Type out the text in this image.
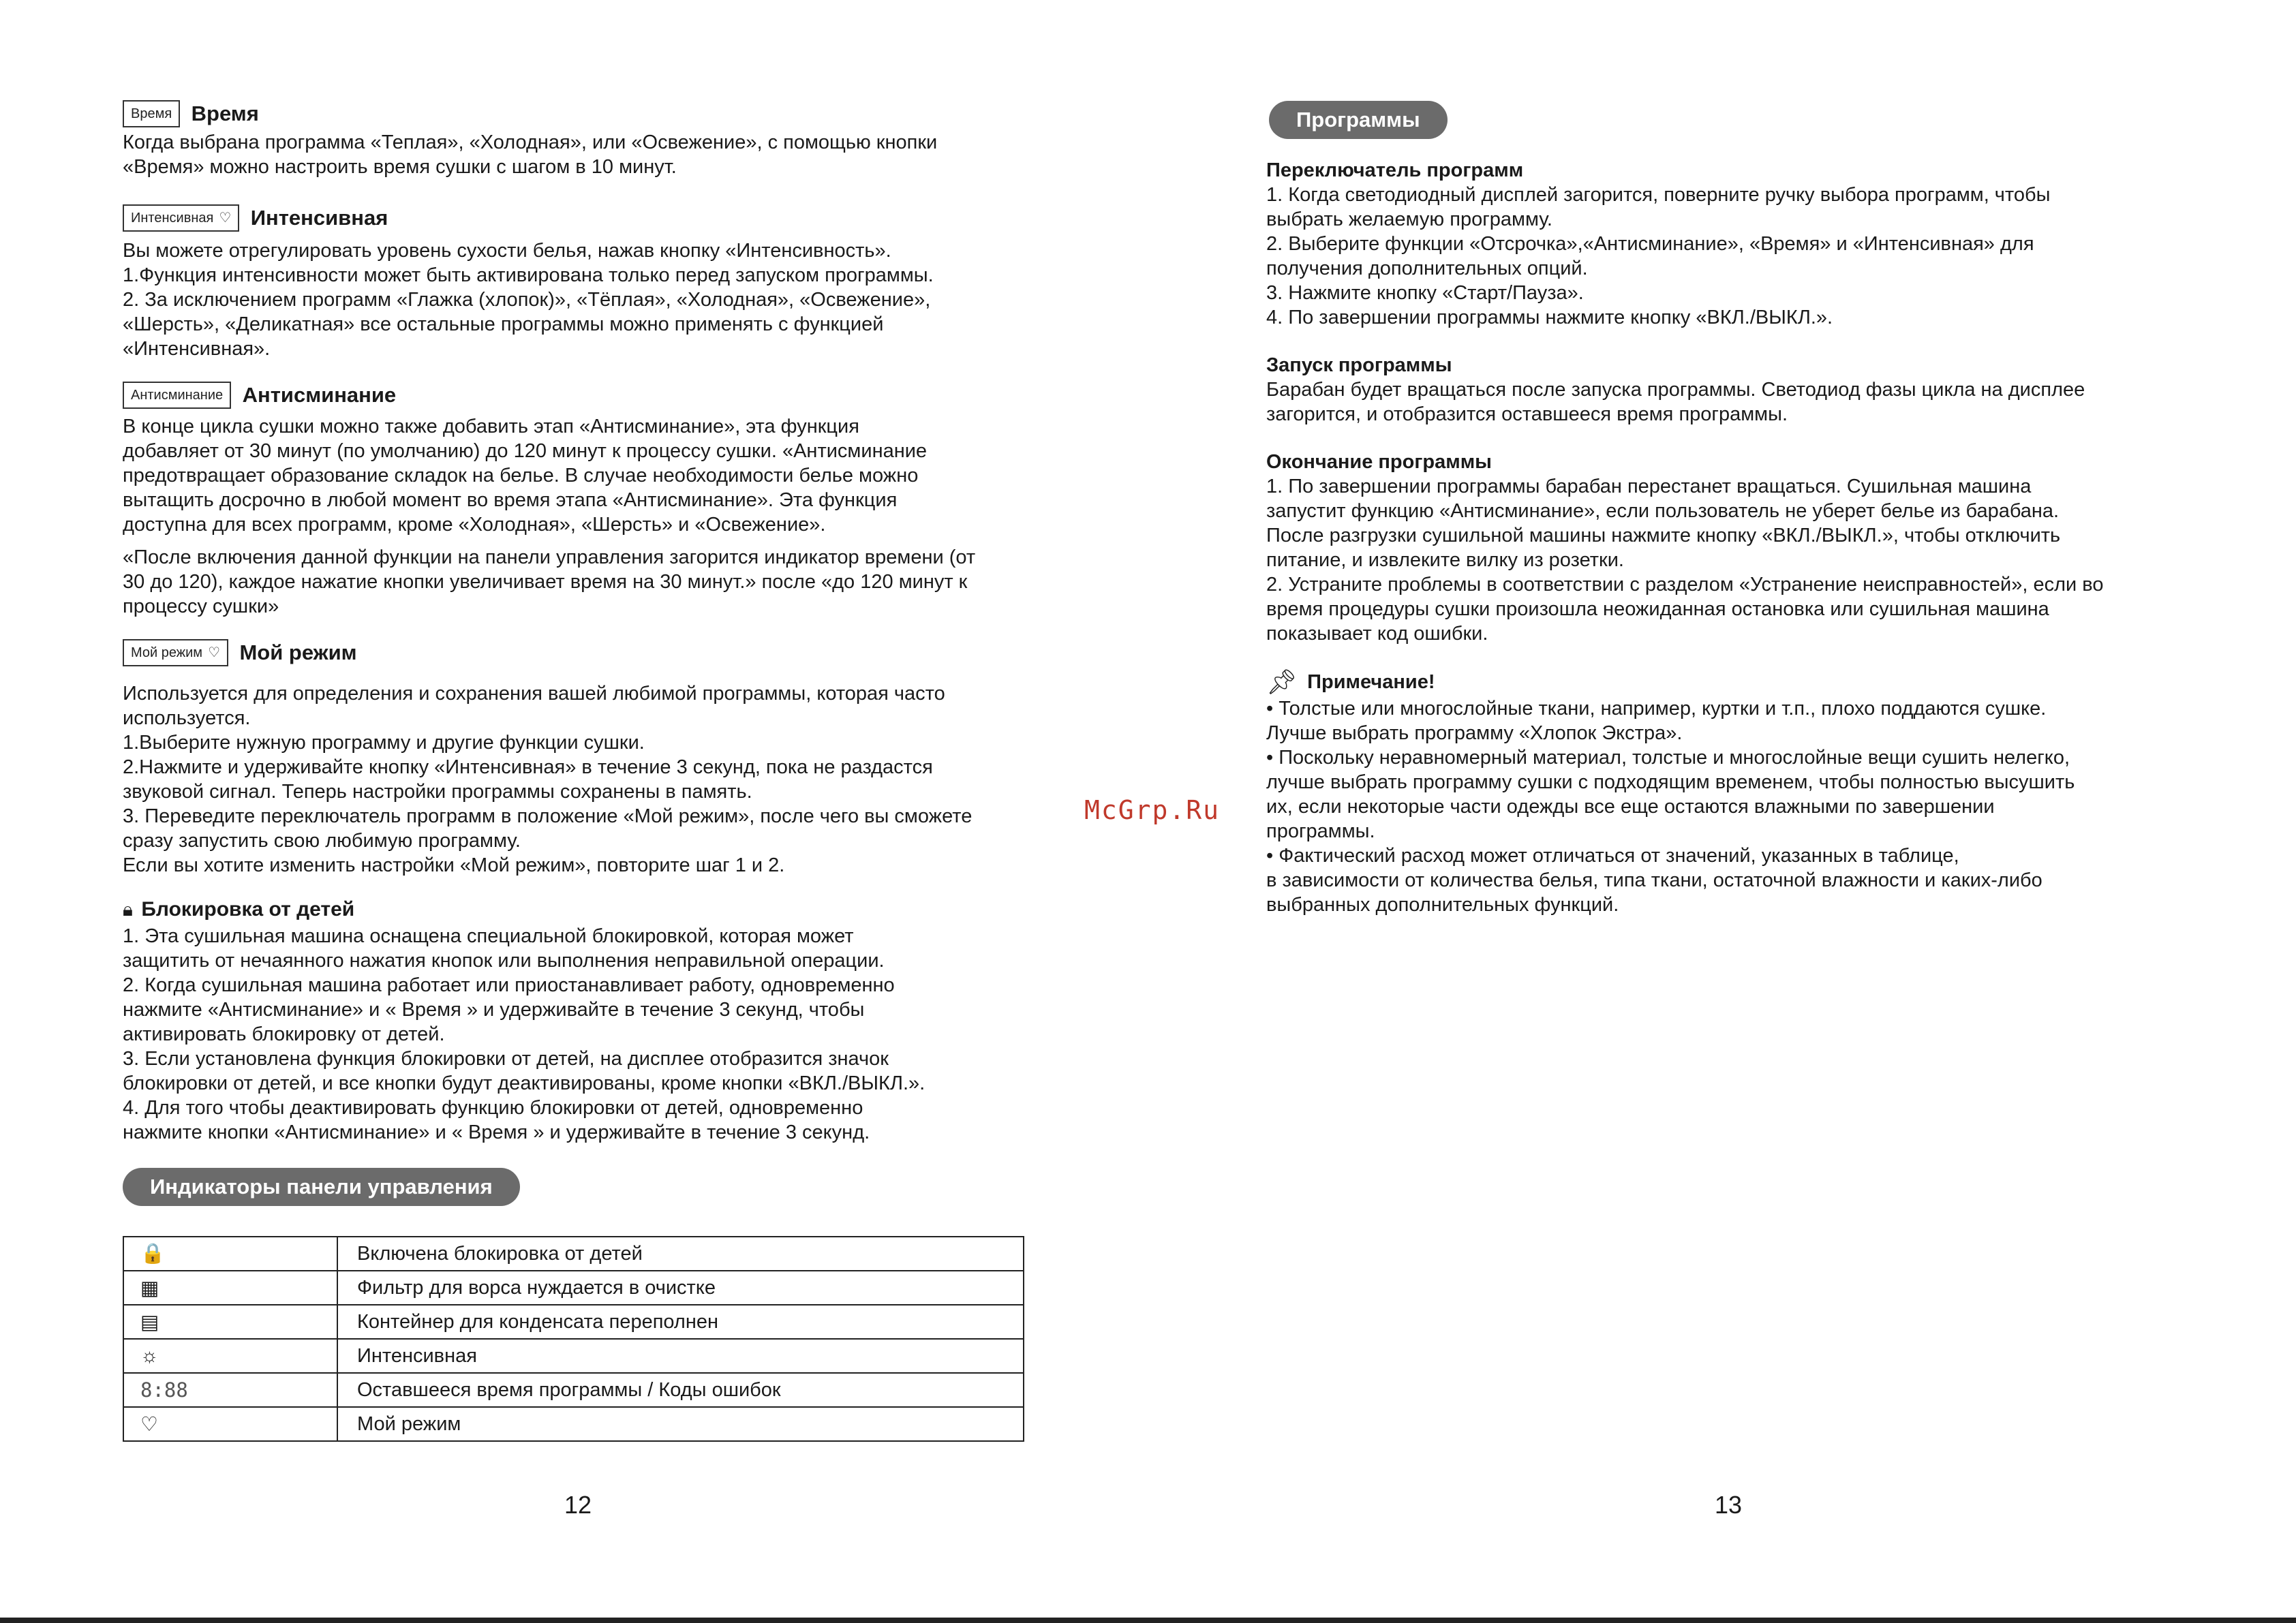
Время Время

Когда выбрана программа «Теплая», «Холодная», или «Освежение», с помощью кнопки

«Время» можно настроить время сушки с шагом в 10 минут.

Интенсивная ♡ Интенсивная

Вы можете отрегулировать уровень сухости белья, нажав кнопку «Интенсивность».

1.Функция интенсивности может быть активирована только перед запуском программы.

2. За исключением программ «Глажка (хлопок)», «Тёплая», «Холодная», «Освежение»,

«Шерсть», «Деликатная» все остальные программы можно применять с функцией

«Интенсивная».

Антисминание Антисминание

В конце цикла сушки можно также добавить этап «Антисминание», эта функция

добавляет от 30 минут (по умолчанию) до 120 минут к процессу сушки. «Антисминание

предотвращает образование складок на белье. В случае необходимости белье можно

вытащить досрочно в любой момент во время этапа «Антисминание». Эта функция

доступна для всех программ, кроме «Холодная», «Шерсть» и «Освежение».

«После включения данной функции на панели управления загорится индикатор времени (от

30 до 120), каждое нажатие кнопки увеличивает время на 30 минут.» после «до 120 минут к

процессу сушки»

Мой режим ♡ Мой режим

Используется для определения и сохранения вашей любимой программы, которая часто

используется.

1.Выберите нужную программу и другие функции сушки.

2.Нажмите и удерживайте кнопку «Интенсивная» в течение 3 секунд, пока не раздастся

звуковой сигнал. Теперь настройки программы сохранены в память.

3. Переведите переключатель программ в положение «Мой режим», после чего вы сможете

сразу запустить свою любимую программу.

Если вы хотите изменить настройки «Мой режим», повторите шаг 1 и 2.

🔒︎ Блокировка от детей

1. Эта сушильная машина оснащена специальной блокировкой, которая может

защитить от нечаянного нажатия кнопок или выполнения неправильной операции.

2. Когда сушильная машина работает или приостанавливает работу, одновременно

нажмите «Антисминание» и « Время » и удерживайте в течение 3 секунд, чтобы

активировать блокировку от детей.

3. Если установлена функция блокировки от детей, на дисплее отобразится значок

блокировки от детей, и все кнопки будут деактивированы, кроме кнопки «ВКЛ./ВЫКЛ.».

4. Для того чтобы деактивировать функцию блокировки от детей, одновременно

нажмите кнопки «Антисминание» и « Время » и удерживайте в течение 3 секунд.

Индикаторы панели управления
🔒	Включена блокировка от детей
▦	Фильтр для ворса нуждается в очистке
▤	Контейнер для конденсата переполнен
☼	Интенсивная
8:88	Оставшееся время программы / Коды ошибок
♡	Мой режим
12
McGrp.Ru
Программы

Переключатель программ

1. Когда светодиодный дисплей загорится, поверните ручку выбора программ, чтобы

выбрать желаемую программу.

2. Выберите функции «Отсрочка»,«Антисминание», «Время» и «Интенсивная» для

получения дополнительных опций.

3. Нажмите кнопку «Старт/Пауза».

4. По завершении программы нажмите кнопку «ВКЛ./ВЫКЛ.».

Запуск программы

Барабан будет вращаться после запуска программы. Светодиод фазы цикла на дисплее

загорится, и отобразится оставшееся время программы.

Окончание программы

1. По завершении программы барабан перестанет вращаться. Сушильная машина

запустит функцию «Антисминание», если пользователь не уберет белье из барабана.

После разгрузки сушильной машины нажмите кнопку «ВКЛ./ВЫКЛ.», чтобы отключить

питание, и извлеките вилку из розетки.

2. Устраните проблемы в соответствии с разделом «Устранение неисправностей», если во

время процедуры сушки произошла неожиданная остановка или сушильная машина

показывает код ошибки.

📌︎ Примечание!

• Толстые или многослойные ткани, например, куртки и т.п., плохо поддаются сушке.

Лучше выбрать программу «Хлопок Экстра».

• Поскольку неравномерный материал, толстые и многослойные вещи сушить нелегко,

лучше выбрать программу сушки с подходящим временем, чтобы полностью высушить

их, если некоторые части одежды все еще остаются влажными по завершении

программы.

• Фактический расход может отличаться от значений, указанных в таблице,

в зависимости от количества белья, типа ткани, остаточной влажности и каких-либо

выбранных дополнительных функций.

13
